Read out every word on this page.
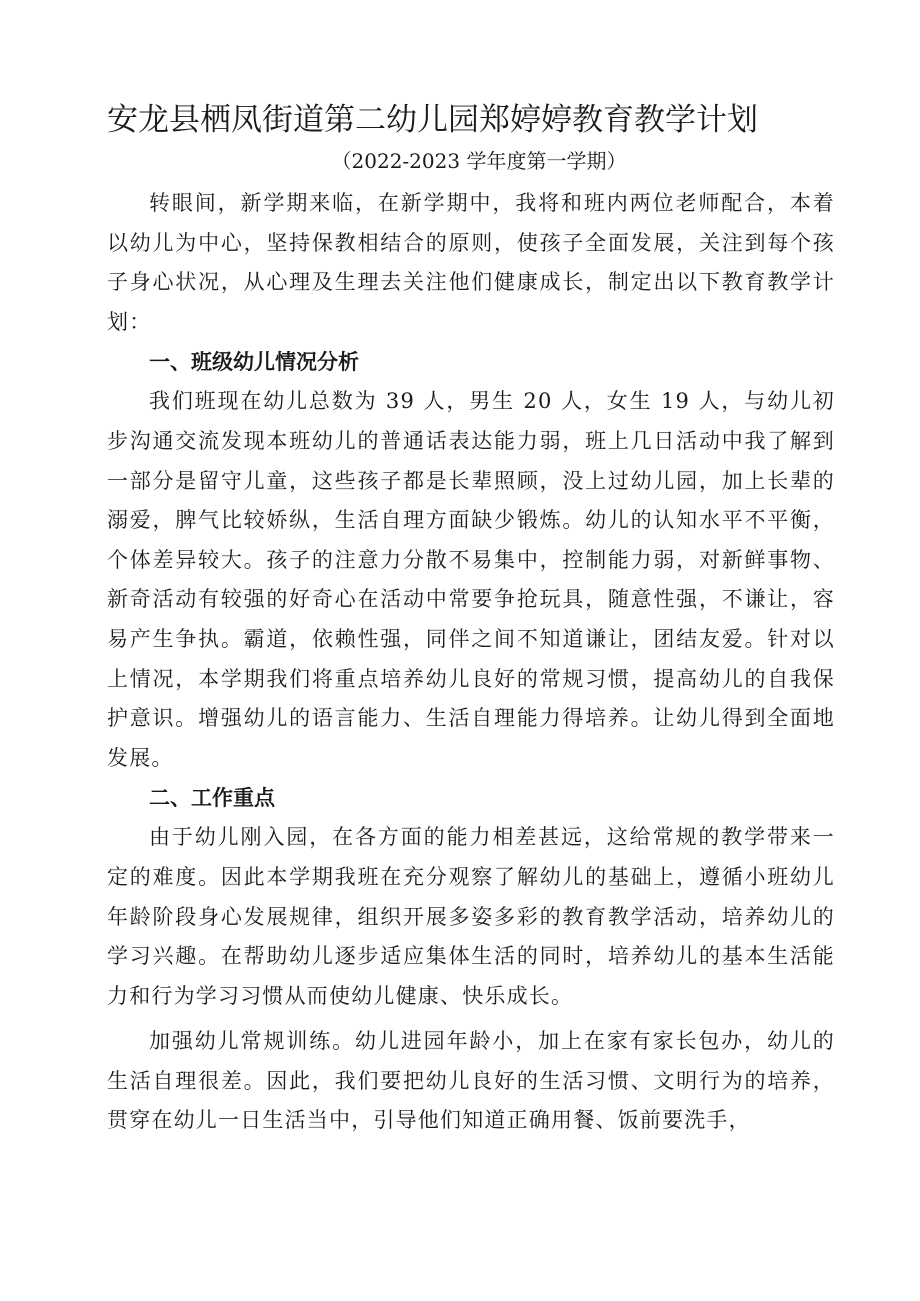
安龙县栖凤街道第二幼儿园郑婷婷教育教学计划
（2022-2023 学年度第一学期）

转眼间，新学期来临，在新学期中，我将和班内两位老师配合，本着以幼儿为中心，坚持保教相结合的原则，使孩子全面发展，关注到每个孩子身心状况，从心理及生理去关注他们健康成长，制定出以下教育教学计划：

一、班级幼儿情况分析

我们班现在幼儿总数为 39 人，男生 20 人，女生 19 人，与幼儿初步沟通交流发现本班幼儿的普通话表达能力弱，班上几日活动中我了解到一部分是留守儿童，这些孩子都是长辈照顾，没上过幼儿园，加上长辈的溺爱，脾气比较娇纵，生活自理方面缺少锻炼。幼儿的认知水平不平衡，个体差异较大。孩子的注意力分散不易集中，控制能力弱，对新鲜事物、新奇活动有较强的好奇心在活动中常要争抢玩具，随意性强，不谦让，容易产生争执。霸道，依赖性强，同伴之间不知道谦让，团结友爱。针对以上情况，本学期我们将重点培养幼儿良好的常规习惯，提高幼儿的自我保护意识。增强幼儿的语言能力、生活自理能力得培养。让幼儿得到全面地发展。

二、工作重点

由于幼儿刚入园，在各方面的能力相差甚远，这给常规的教学带来一定的难度。因此本学期我班在充分观察了解幼儿的基础上，遵循小班幼儿年龄阶段身心发展规律，组织开展多姿多彩的教育教学活动，培养幼儿的学习兴趣。在帮助幼儿逐步适应集体生活的同时，培养幼儿的基本生活能力和行为学习习惯从而使幼儿健康、快乐成长。

加强幼儿常规训练。幼儿进园年龄小，加上在家有家长包办，幼儿的生活自理很差。因此，我们要把幼儿良好的生活习惯、文明行为的培养，贯穿在幼儿一日生活当中，引导他们知道正确用餐、饭前要洗手，
